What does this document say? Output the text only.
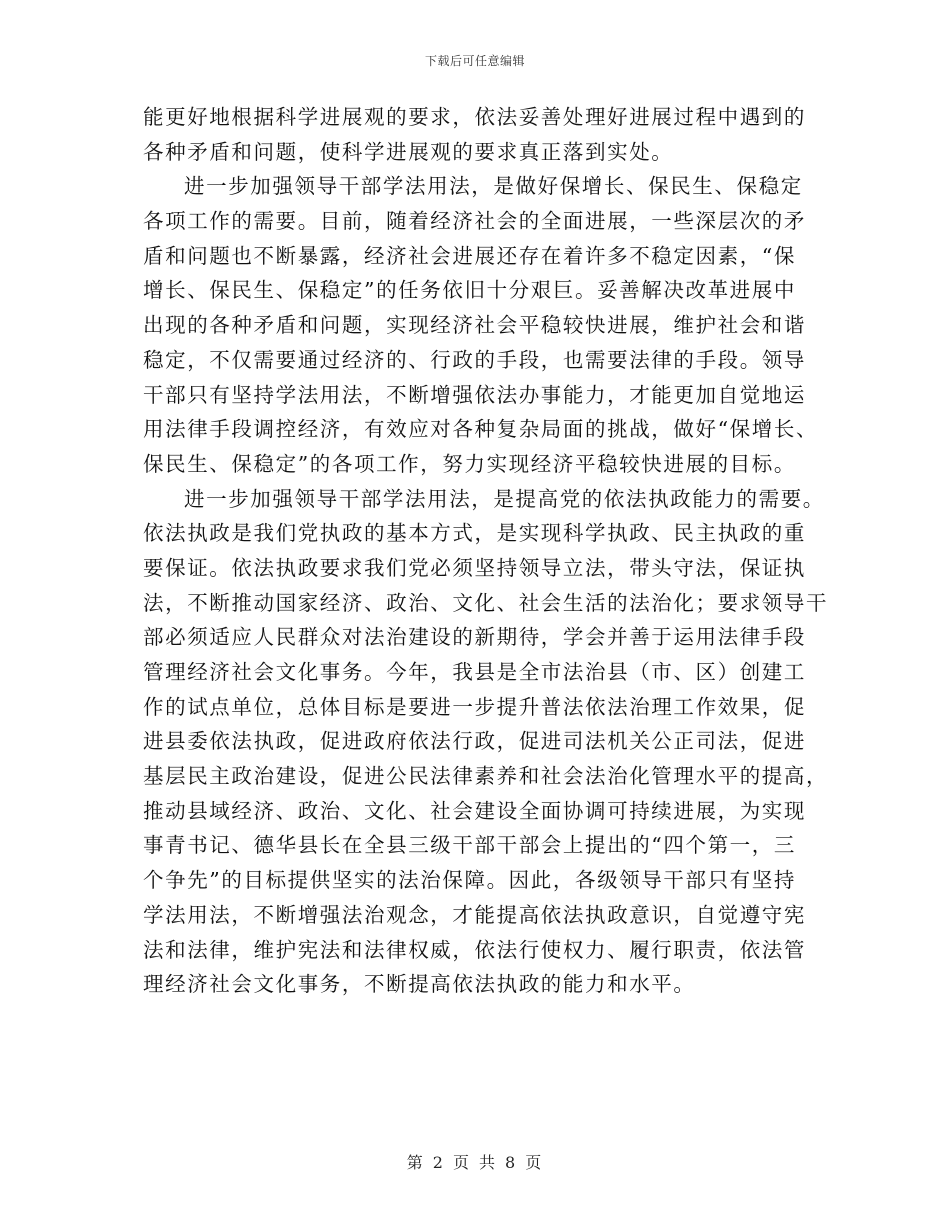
下载后可任意编辑
能更好地根据科学进展观的要求，依法妥善处理好进展过程中遇到的
各种矛盾和问题，使科学进展观的要求真正落到实处。
进一步加强领导干部学法用法，是做好保增长、保民生、保稳定
各项工作的需要。目前，随着经济社会的全面进展，一些深层次的矛
盾和问题也不断暴露，经济社会进展还存在着许多不稳定因素，“保
增长、保民生、保稳定”的任务依旧十分艰巨。妥善解决改革进展中
出现的各种矛盾和问题，实现经济社会平稳较快进展，维护社会和谐
稳定，不仅需要通过经济的、行政的手段，也需要法律的手段。领导
干部只有坚持学法用法，不断增强依法办事能力，才能更加自觉地运
用法律手段调控经济，有效应对各种复杂局面的挑战，做好“保增长、
保民生、保稳定”的各项工作，努力实现经济平稳较快进展的目标。
进一步加强领导干部学法用法，是提高党的依法执政能力的需要。
依法执政是我们党执政的基本方式，是实现科学执政、民主执政的重
要保证。依法执政要求我们党必须坚持领导立法，带头守法，保证执
法，不断推动国家经济、政治、文化、社会生活的法治化；要求领导干
部必须适应人民群众对法治建设的新期待，学会并善于运用法律手段
管理经济社会文化事务。今年，我县是全市法治县（市、区）创建工
作的试点单位，总体目标是要进一步提升普法依法治理工作效果，促
进县委依法执政，促进政府依法行政，促进司法机关公正司法，促进
基层民主政治建设，促进公民法律素养和社会法治化管理水平的提高，
推动县域经济、政治、文化、社会建设全面协调可持续进展，为实现
事青书记、德华县长在全县三级干部干部会上提出的“四个第一，三
个争先”的目标提供坚实的法治保障。因此，各级领导干部只有坚持
学法用法，不断增强法治观念，才能提高依法执政意识，自觉遵守宪
法和法律，维护宪法和法律权威，依法行使权力、履行职责，依法管
理经济社会文化事务，不断提高依法执政的能力和水平。
第 2 页 共 8 页
